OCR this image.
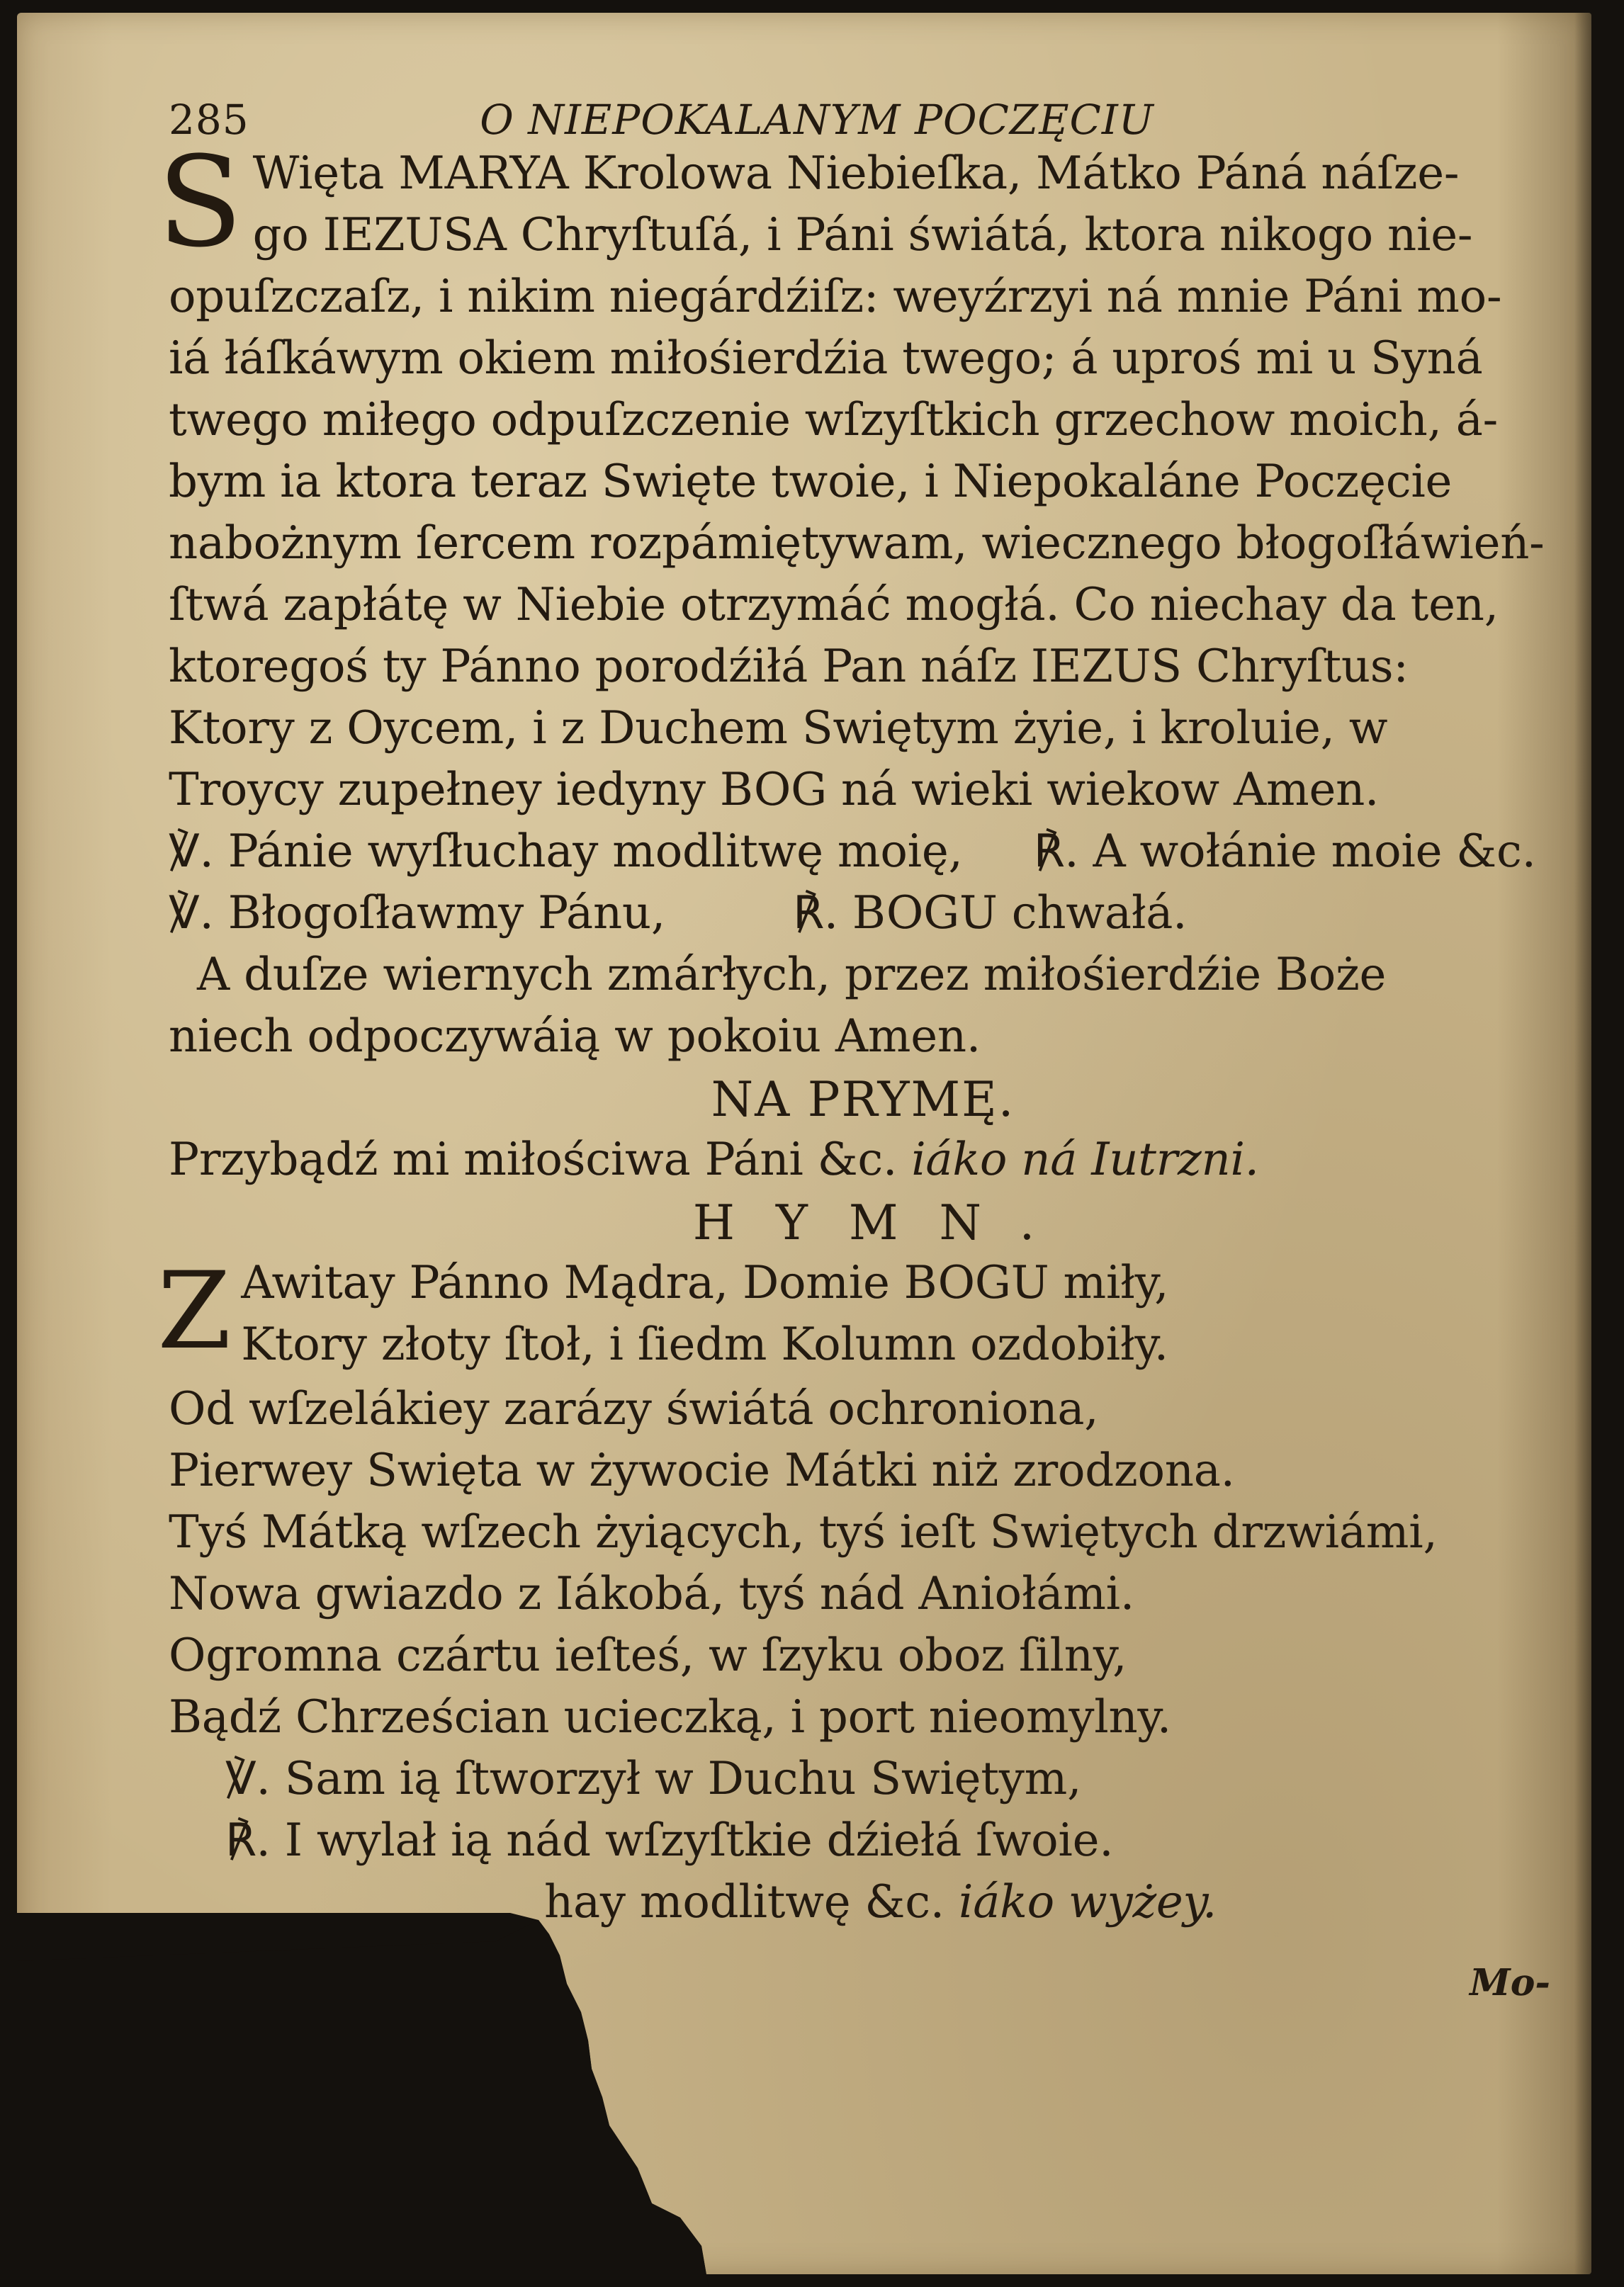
285	O NIEPOKALANYM POCZĘCIU
S Więta MARYA Krolowa Niebieſka, Mátko Páná náſze-
go IEZUSA Chryſtuſá, i Páni świátá, ktora nikogo nie-
opuſzczaſz, i nikim niegárdźiſz: weyźrzyi ná mnie Páni mo-
iá łáſkáwym okiem miłośierdźia twego; á uproś mi u Syná
twego miłego odpuſzczenie wſzyſtkich grzechow moich, á-
bym ia ktora teraz Swięte twoie, i Niepokaláne Poczęcie
nabożnym ſercem rozpámiętywam, wiecznego błogoſłáwień-
ſtwá zapłátę w Niebie otrzymáć mogłá. Co niechay da ten,
ktoregoś ty Pánno porodźiłá Pan náſz IEZUS Chryſtus:
Ktory z Oycem, i z Duchem Swiętym żyie, i kroluie, w
Troycy zupełney iedyny BOG ná wieki wiekow Amen.
℣. Pánie wyſłuchay modlitwę moię, ℟. A wołánie moie &c.
℣. Błogoſławmy Pánu,	℟. BOGU chwałá.
A duſze wiernych zmárłych, przez miłośierdźie Boże
niech odpoczywáią w pokoiu Amen.
NA PRYMĘ.
Przybądź mi miłościwa Páni &c. iáko ná Iutrzni.
HYMN.
Z Awitay Pánno Mądra, Domie BOGU miły,
Ktory złoty ſtoł, i ſiedm Kolumn ozdobiły.
Od wſzelákiey zarázy świátá ochroniona,
Pierwey Swięta w żywocie Mátki niż zrodzona.
Tyś Mátką wſzech żyiących, tyś ieſt Swiętych drzwiámi,
Nowa gwiazdo z Iákobá, tyś nád Aniołámi.
Ogromna czártu ieſteś, w ſzyku oboz ſilny,
Bądź Chrześcian ucieczką, i port nieomylny.
℣. Sam ią ſtworzył w Duchu Swiętym,
℟. I wylał ią nád wſzyſtkie dźiełá ſwoie.
hay modlitwę &c. iáko wyżey.
Mo-
